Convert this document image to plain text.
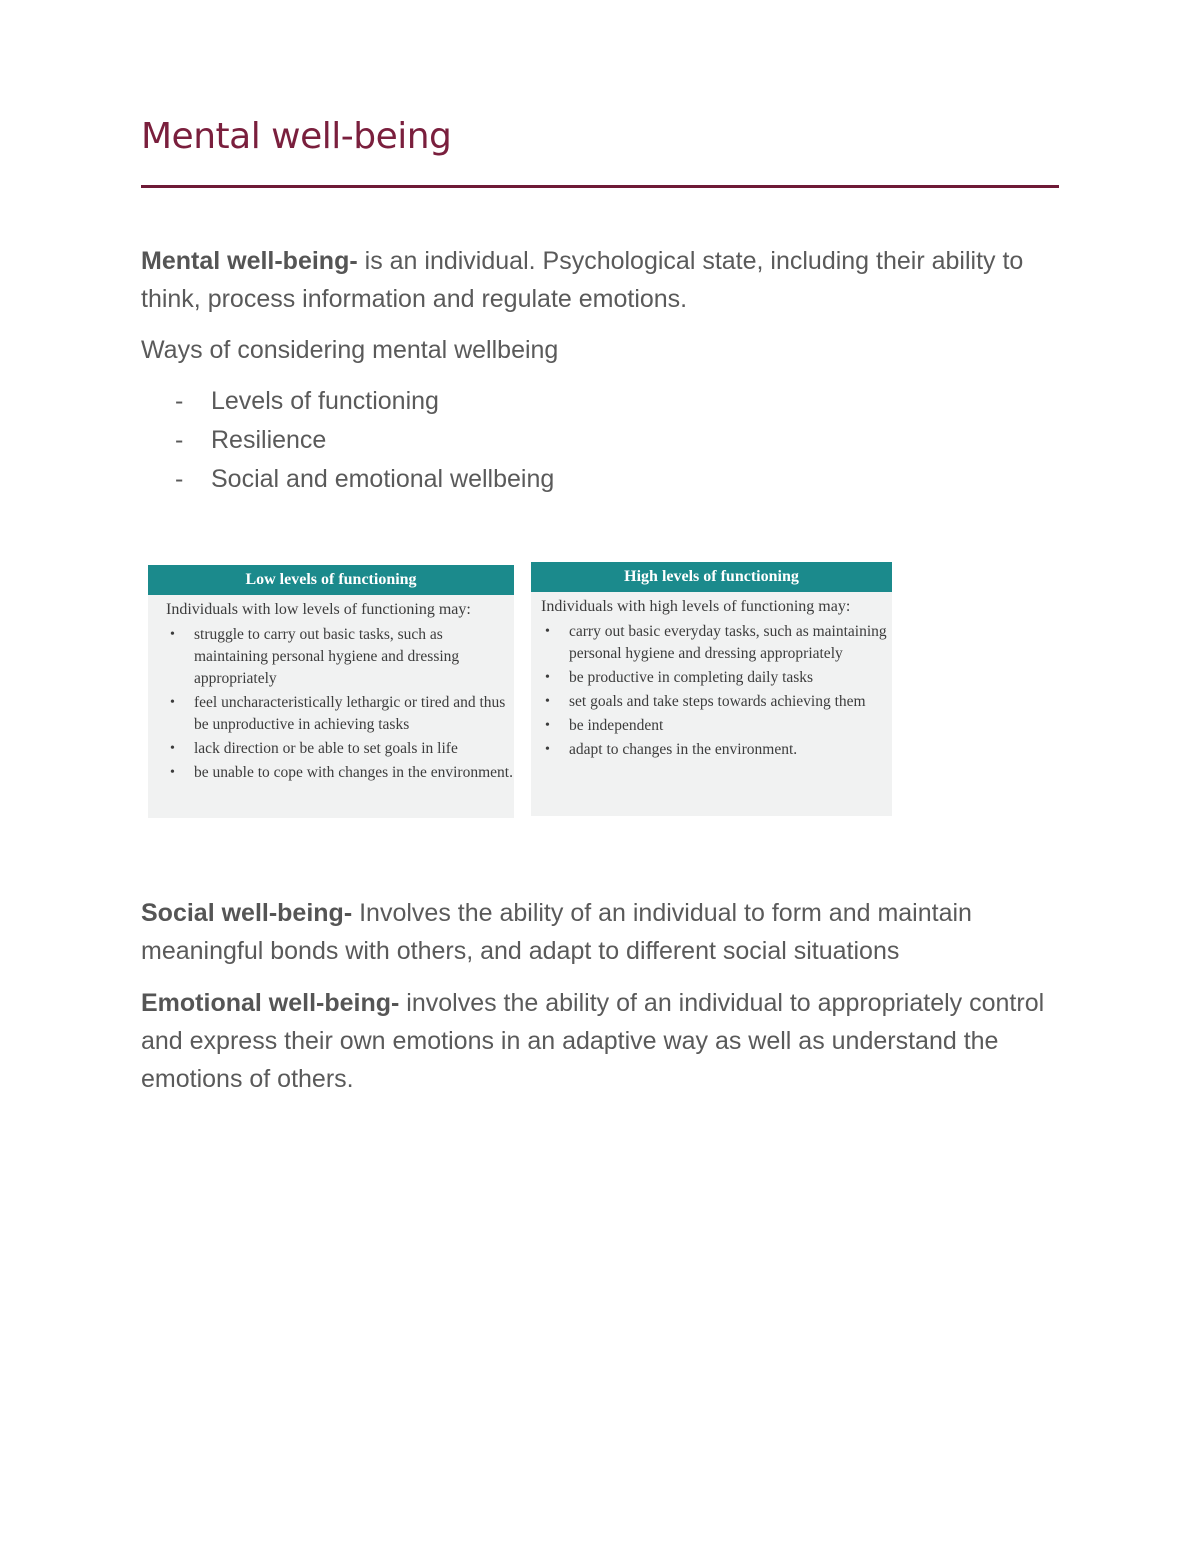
Mental well-being

Mental well-being- is an individual. Psychological state, including their ability to think, process information and regulate emotions.

Ways of considering mental wellbeing

- Levels of functioning
- Resilience
- Social and emotional wellbeing
Low levels of functioning
Individuals with low levels of functioning may:
• struggle to carry out basic tasks, such as maintaining personal hygiene and dressing appropriately
• feel uncharacteristically lethargic or tired and thus be unproductive in achieving tasks
• lack direction or be able to set goals in life
• be unable to cope with changes in the environment.
High levels of functioning
Individuals with high levels of functioning may:
• carry out basic everyday tasks, such as maintaining personal hygiene and dressing appropriately
• be productive in completing daily tasks
• set goals and take steps towards achieving them
• be independent
• adapt to changes in the environment.

Social well-being- Involves the ability of an individual to form and maintain meaningful bonds with others, and adapt to different social situations

Emotional well-being- involves the ability of an individual to appropriately control and express their own emotions in an adaptive way as well as understand the emotions of others.
